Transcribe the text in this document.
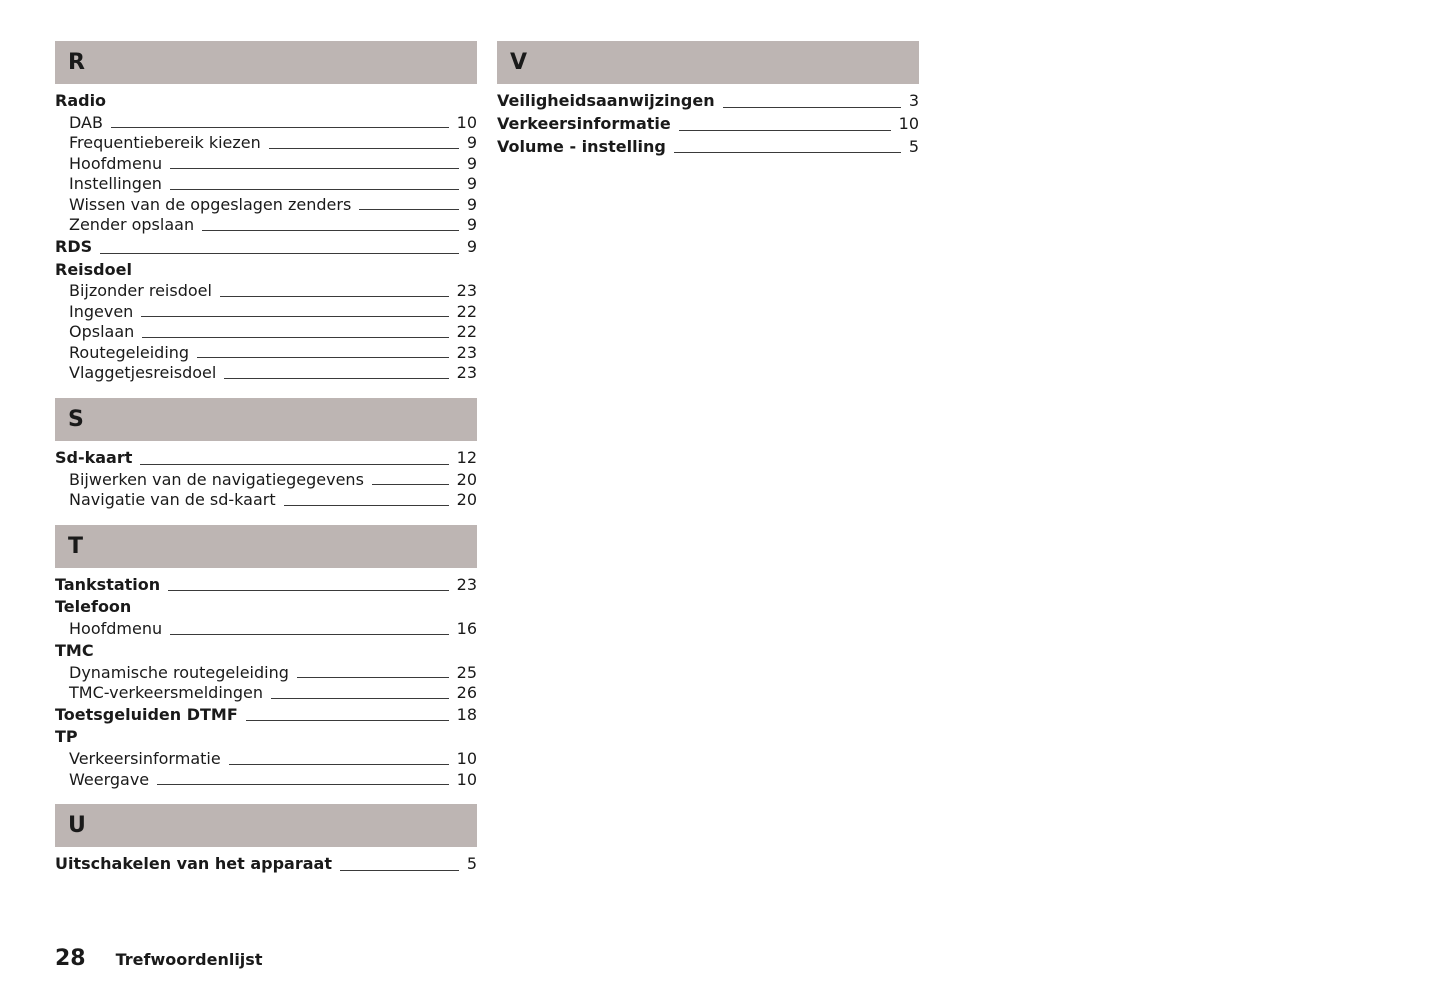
R
Radio
DAB	10
Frequentiebereik kiezen	9
Hoofdmenu	9
Instellingen	9
Wissen van de opgeslagen zenders	9
Zender opslaan	9
RDS	9
Reisdoel
Bijzonder reisdoel	23
Ingeven	22
Opslaan	22
Routegeleiding	23
Vlaggetjesreisdoel	23
S
Sd-kaart	12
Bijwerken van de navigatiegegevens	20
Navigatie van de sd-kaart	20
T
Tankstation	23
Telefoon
Hoofdmenu	16
TMC
Dynamische routegeleiding	25
TMC-verkeersmeldingen	26
Toetsgeluiden DTMF	18
TP
Verkeersinformatie	10
Weergave	10
U
Uitschakelen van het apparaat	5
V
Veiligheidsaanwijzingen	3
Verkeersinformatie	10
Volume - instelling	5
28 Trefwoordenlijst
